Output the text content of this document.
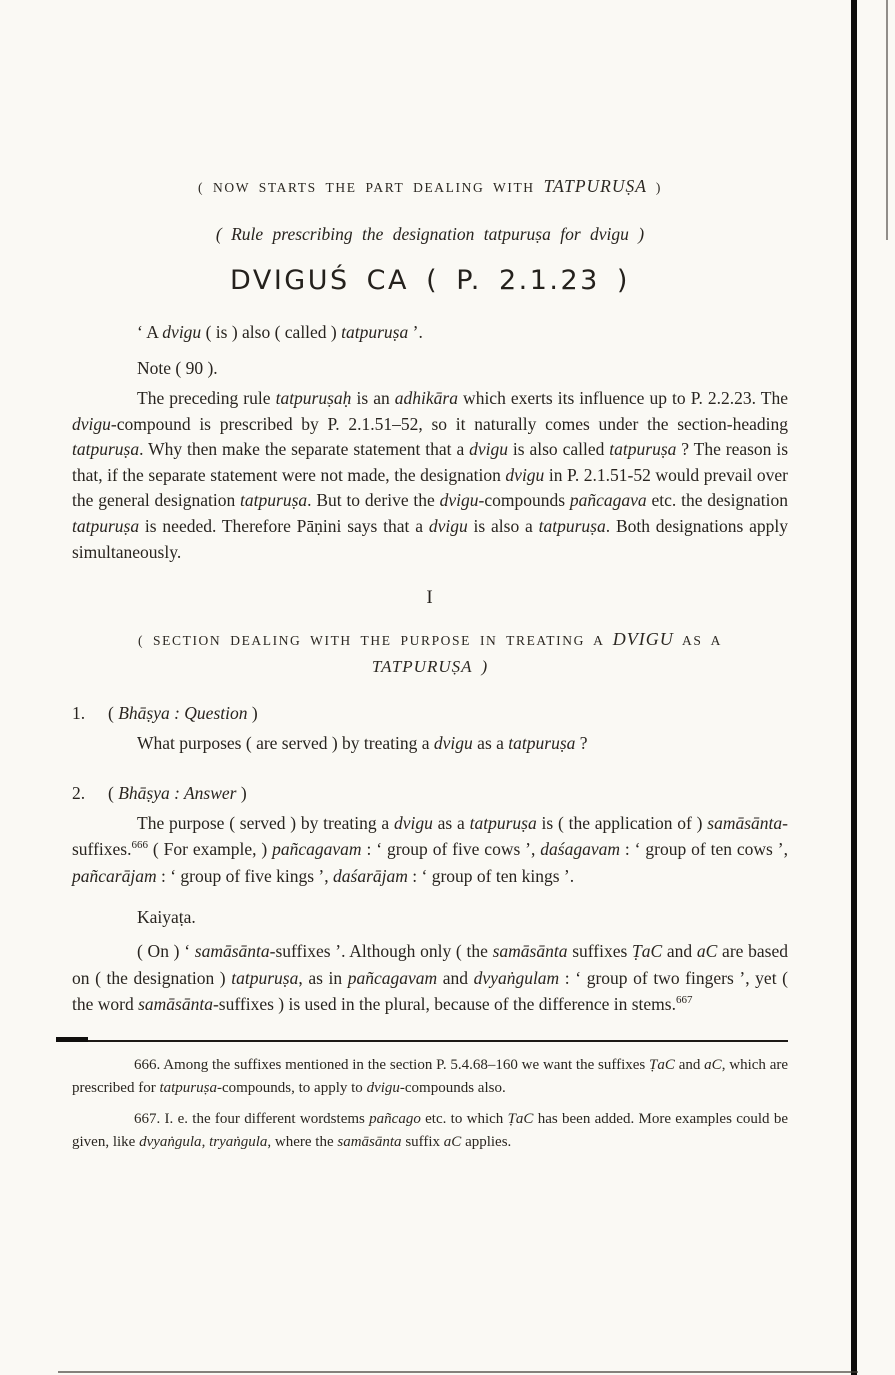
( NOW STARTS THE PART DEALING WITH TATPURUṢA )
( Rule prescribing the designation tatpuruṣa for dvigu )
DVIGUŚ CA ( P. 2.1.23 )

‘ A dvigu ( is ) also ( called ) tatpuruṣa ’.

Note ( 90 ).

The preceding rule tatpuruṣaḥ is an adhikāra which exerts its influence up to P. 2.2.23. The dvigu-compound is prescribed by P. 2.1.51–52, so it naturally comes under the section-heading tatpuruṣa. Why then make the separate statement that a dvigu is also called tatpuruṣa ? The reason is that, if the separate statement were not made, the designation dvigu in P. 2.1.51-52 would prevail over the general designation tatpuruṣa. But to derive the dvigu-compounds pañcagava etc. the designation tatpuruṣa is needed. Therefore Pāṇini says that a dvigu is also a tatpuruṣa. Both designations apply simultaneously.

I
( SECTION DEALING WITH THE PURPOSE IN TREATING A DVIGU AS A
TATPURUṢA )
1. ( Bhāṣya : Question )

What purposes ( are served ) by treating a dvigu as a tatpuruṣa ?

2. ( Bhāṣya : Answer )

The purpose ( served ) by treating a dvigu as a tatpuruṣa is ( the application of ) samāsānta-suffixes.$^{666}$ ( For example, ) pañcagavam : ‘ group of five cows ’, daśagavam : ‘ group of ten cows ’, pañcarājam : ‘ group of five kings ’, daśarājam : ‘ group of ten kings ’.

Kaiyaṭa.

( On ) ‘ samāsānta-suffixes ’. Although only ( the samāsānta suffixes ṬaC and aC are based on ( the designation ) tatpuruṣa, as in pañcagavam and dvyaṅgulam : ‘ group of two fingers ’, yet ( the word samāsānta-suffixes ) is used in the plural, because of the difference in stems.$^{667}$

666. Among the suffixes mentioned in the section P. 5.4.68–160 we want the suffixes ṬaC and aC, which are prescribed for tatpuruṣa-compounds, to apply to dvigu-compounds also.

667. I. e. the four different wordstems pañcago etc. to which ṬaC has been added. More examples could be given, like dvyaṅgula, tryaṅgula, where the samāsānta suffix aC applies.
